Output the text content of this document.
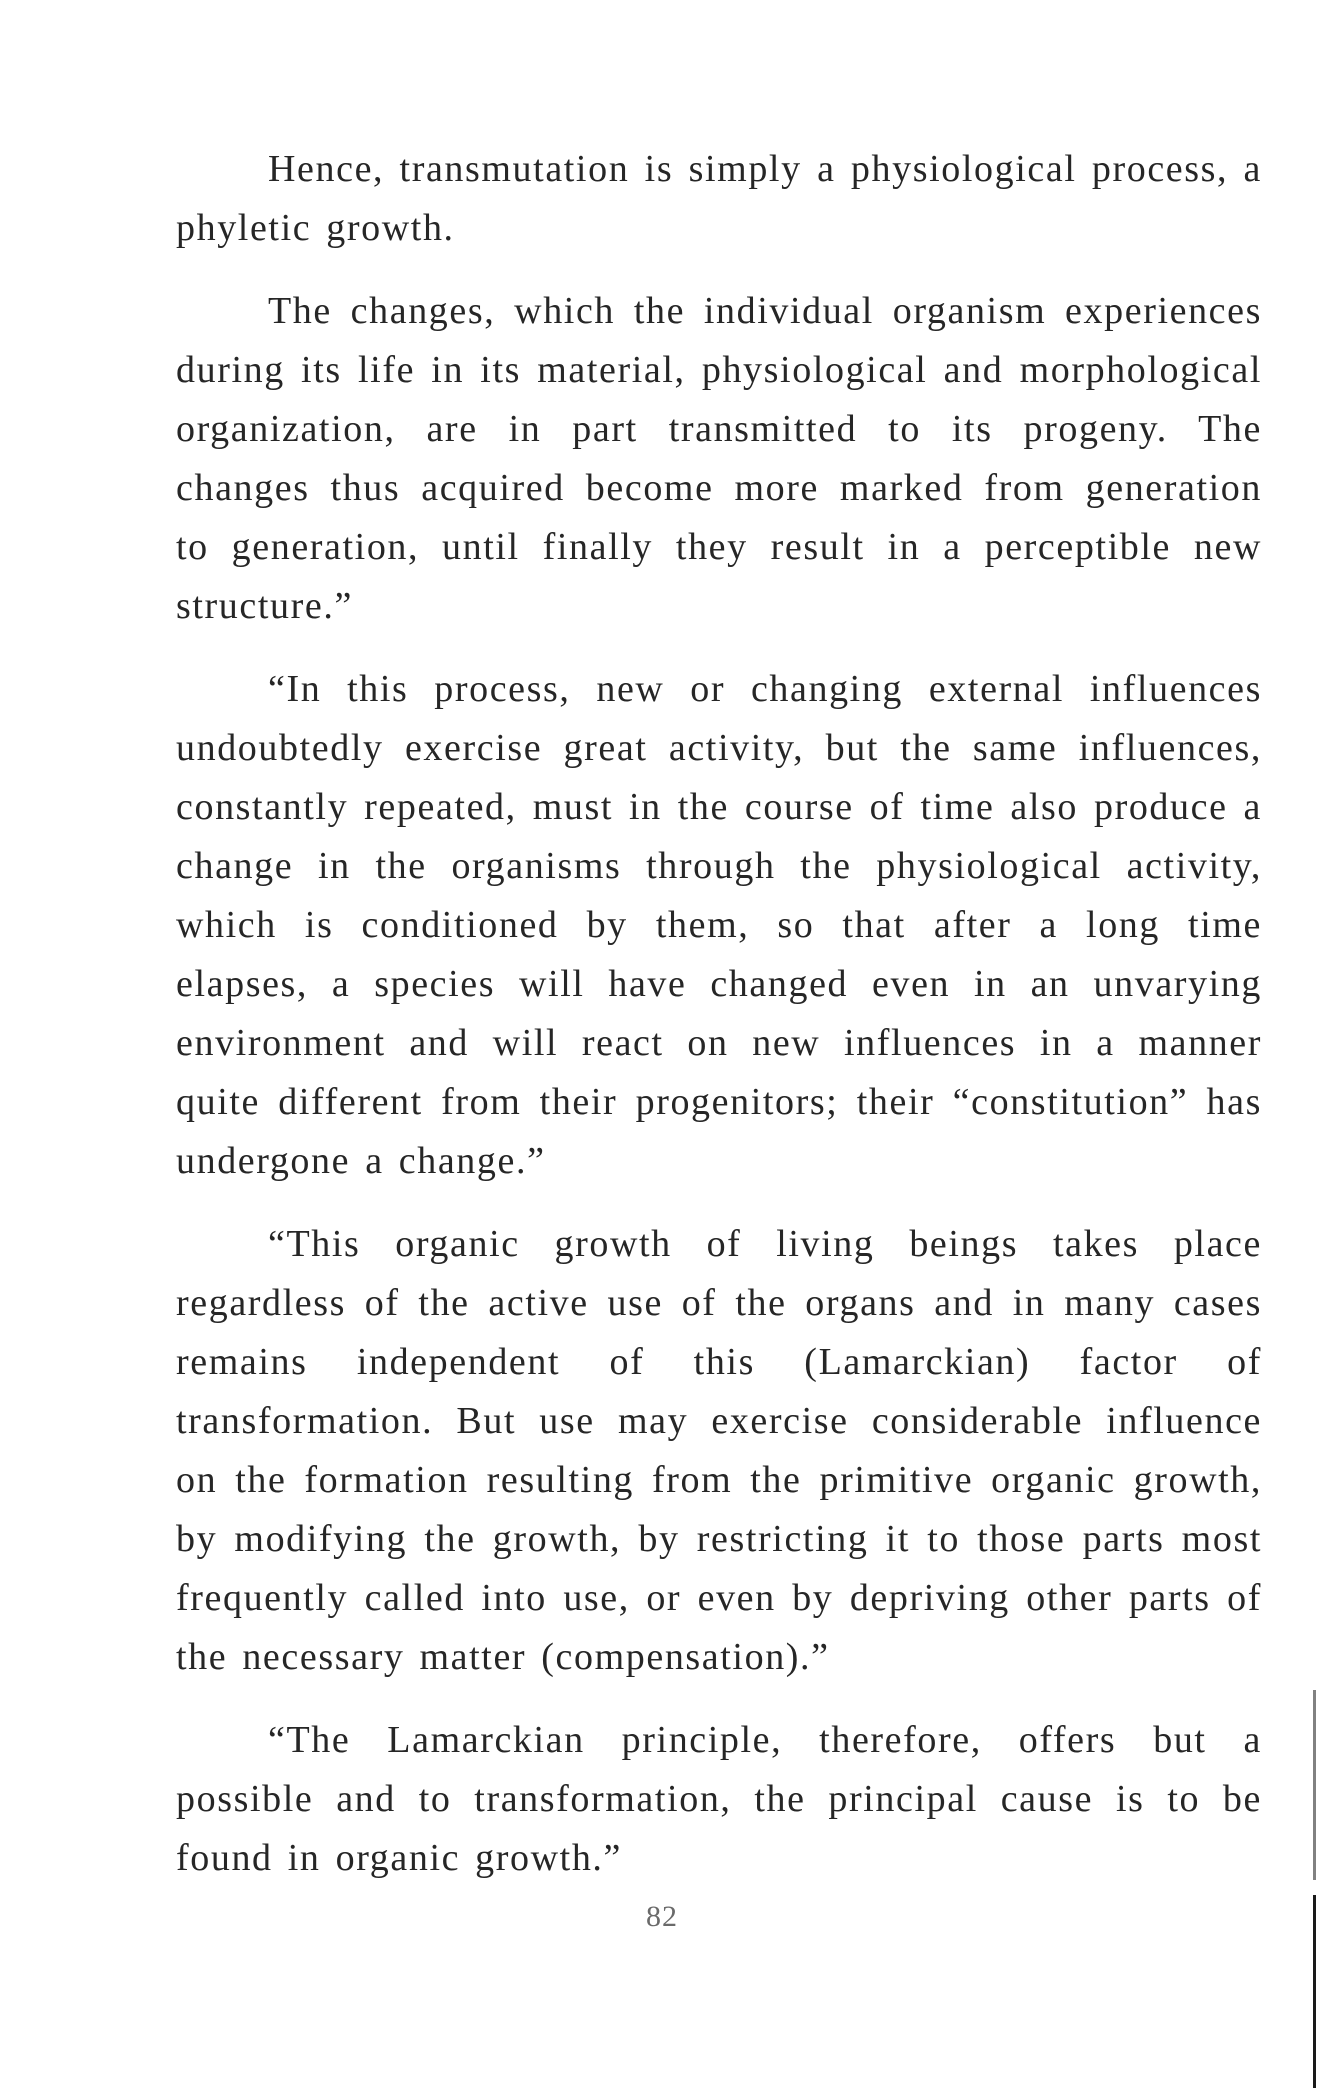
Hence, transmutation is simply a physiological process, a phyletic growth.

The changes, which the individual organism experiences during its life in its material, physiological and morphological organization, are in part transmitted to its progeny. The changes thus acquired become more marked from generation to generation, until finally they result in a perceptible new structure.”

“In this process, new or changing external influences undoubtedly exercise great activity, but the same influences, constantly repeated, must in the course of time also produce a change in the organisms through the physiological activity, which is conditioned by them, so that after a long time elapses, a species will have changed even in an unvarying environment and will react on new influences in a manner quite different from their progenitors; their “constitution” has undergone a change.”

“This organic growth of living beings takes place regardless of the active use of the organs and in many cases remains independent of this (Lamarckian) factor of transformation. But use may exercise considerable influence on the formation resulting from the primitive organic growth, by modifying the growth, by restricting it to those parts most frequently called into use, or even by depriving other parts of the necessary matter (compensation).”

“The Lamarckian principle, therefore, offers but a possible and to transformation, the principal cause is to be found in organic growth.”

82
